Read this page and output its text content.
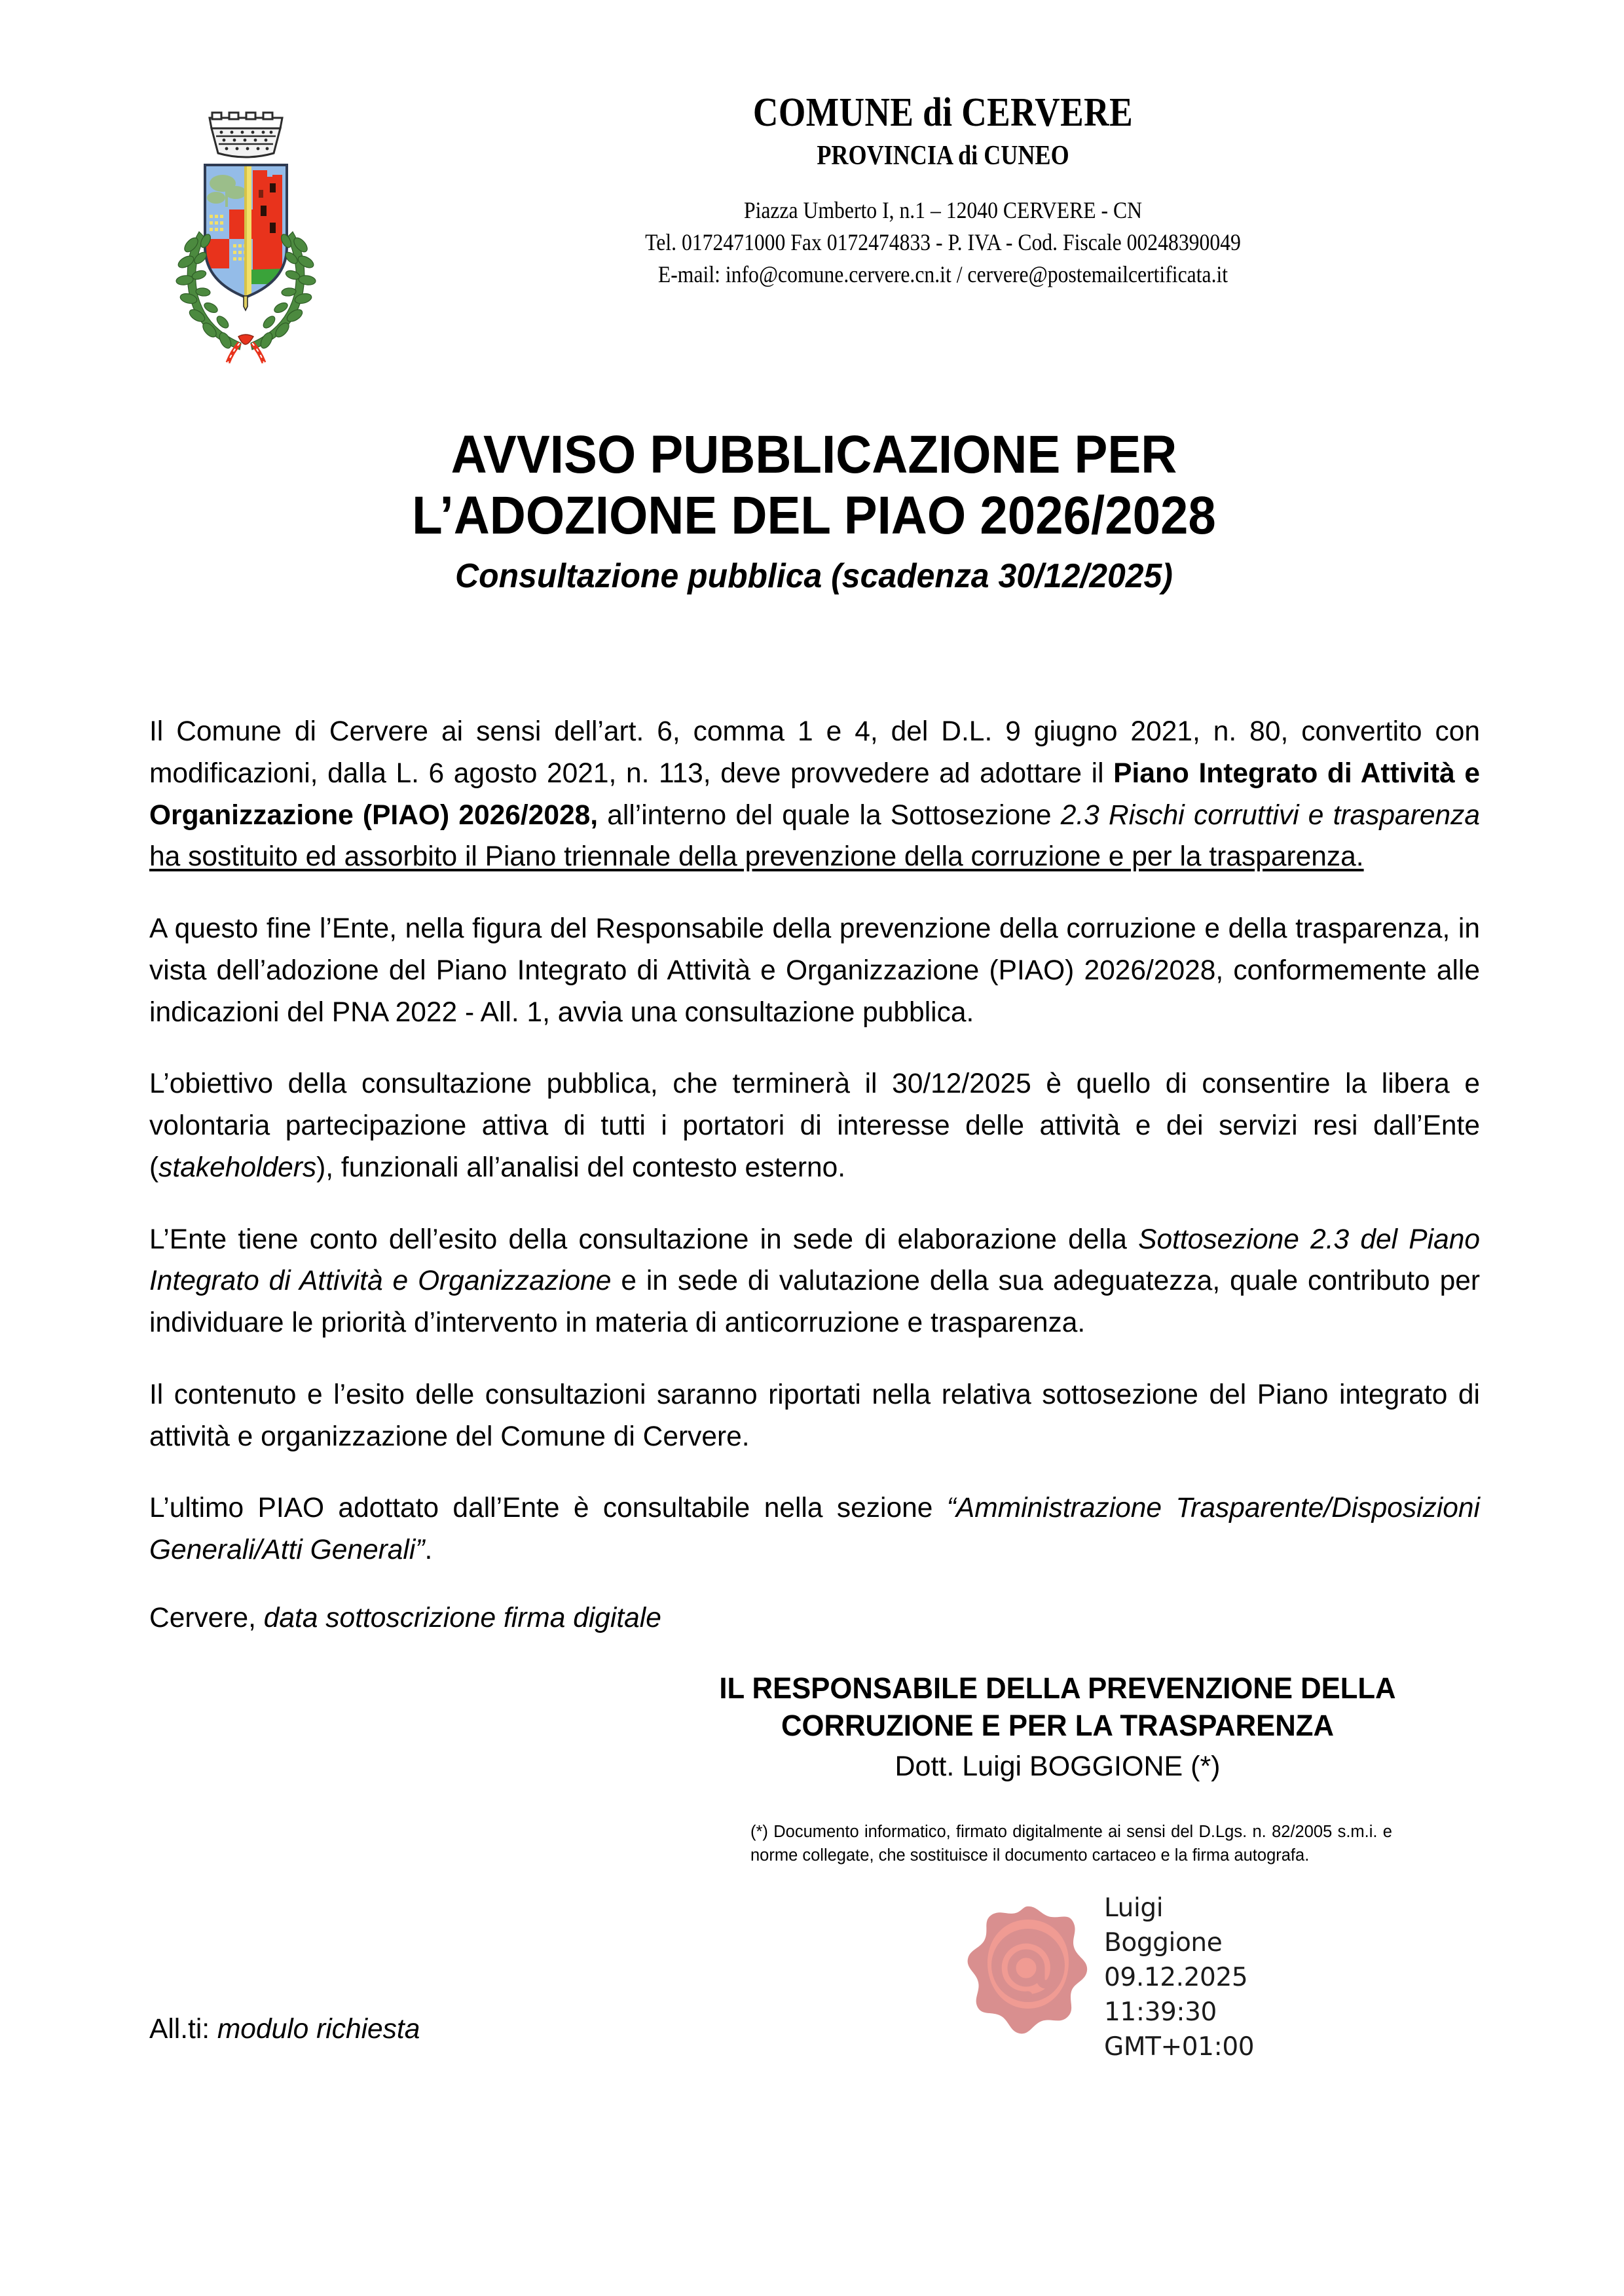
COMUNE di CERVERE
PROVINCIA di CUNEO
Piazza Umberto I, n.1 – 12040 CERVERE - CN
Tel. 0172471000 Fax 0172474833 - P. IVA - Cod. Fiscale 00248390049
E-mail: info@comune.cervere.cn.it / cervere@postemailcertificata.it
AVVISO PUBBLICAZIONE PER
L’ADOZIONE DEL PIAO 2026/2028
Consultazione pubblica (scadenza 30/12/2025)

Il Comune di Cervere ai sensi dell’art. 6, comma 1 e 4, del D.L. 9 giugno 2021, n. 80, convertito con modificazioni, dalla L. 6 agosto 2021, n. 113, deve provvedere ad adottare il Piano Integrato di Attività e Organizzazione (PIAO) 2026/2028, all’interno del quale la Sottosezione 2.3 Rischi corruttivi e trasparenza ha sostituito ed assorbito il Piano triennale della prevenzione della corruzione e per la trasparenza.

A questo fine l’Ente, nella figura del Responsabile della prevenzione della corruzione e della trasparenza, in vista dell’adozione del Piano Integrato di Attività e Organizzazione (PIAO) 2026/2028, conformemente alle indicazioni del PNA 2022 - All. 1, avvia una consultazione pubblica.

L’obiettivo della consultazione pubblica, che terminerà il 30/12/2025 è quello di consentire la libera e volontaria partecipazione attiva di tutti i portatori di interesse delle attività e dei servizi resi dall’Ente (stakeholders), funzionali all’analisi del contesto esterno.

L’Ente tiene conto dell’esito della consultazione in sede di elaborazione della Sottosezione 2.3 del Piano Integrato di Attività e Organizzazione e in sede di valutazione della sua adeguatezza, quale contributo per individuare le priorità d’intervento in materia di anticorruzione e trasparenza.

Il contenuto e l’esito delle consultazioni saranno riportati nella relativa sottosezione del Piano integrato di attività e organizzazione del Comune di Cervere.

L’ultimo PIAO adottato dall’Ente è consultabile nella sezione “Amministrazione Trasparente/Disposizioni Generali/Atti Generali”.

Cervere, data sottoscrizione firma digitale
IL RESPONSABILE DELLA PREVENZIONE DELLA
CORRUZIONE E PER LA TRASPARENZA
Dott. Luigi BOGGIONE (*)
(*) Documento informatico, firmato digitalmente ai sensi del D.Lgs. n. 82/2005 s.m.i. e norme collegate, che sostituisce il documento cartaceo e la firma autografa.
Luigi
Boggione
09.12.2025
11:39:30
GMT+01:00
All.ti: modulo richiesta
